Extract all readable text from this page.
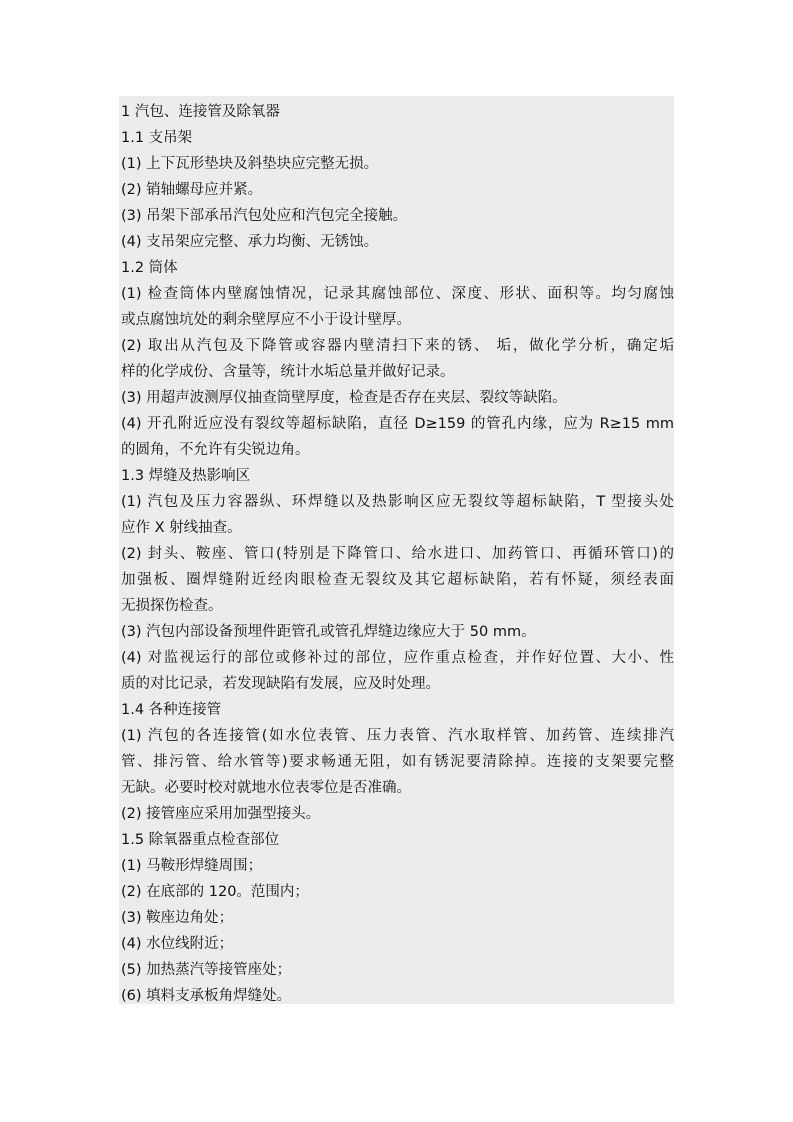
1 汽包、连接管及除氧器
1.1 支吊架
(1) 上下瓦形垫块及斜垫块应完整无损。
(2) 销轴螺母应并紧。
(3) 吊架下部承吊汽包处应和汽包完全接触。
(4) 支吊架应完整、承力均衡、无锈蚀。
1.2 筒体
(1) 检查筒体内壁腐蚀情况，记录其腐蚀部位、深度、形状、面积等。均匀腐蚀
或点腐蚀坑处的剩余壁厚应不小于设计壁厚。
(2) 取出从汽包及下降管或容器内壁清扫下来的锈、 垢，做化学分析，确定垢
样的化学成份、含量等，统计水垢总量并做好记录。
(3) 用超声波测厚仪抽查筒壁厚度，检查是否存在夹层、裂纹等缺陷。
(4) 开孔附近应没有裂纹等超标缺陷，直径 D≥159 的管孔内缘，应为 R≥15 mm
的圆角，不允许有尖锐边角。
1.3 焊缝及热影响区
(1) 汽包及压力容器纵、环焊缝以及热影响区应无裂纹等超标缺陷，T 型接头处
应作 X 射线抽查。
(2) 封头、鞍座、管口(特别是下降管口、给水进口、加药管口、再循环管口)的
加强板、圈焊缝附近经肉眼检查无裂纹及其它超标缺陷，若有怀疑，须经表面
无损探伤检查。
(3) 汽包内部设备预埋件距管孔或管孔焊缝边缘应大于 50 mm。
(4) 对监视运行的部位或修补过的部位，应作重点检查，并作好位置、大小、性
质的对比记录，若发现缺陷有发展，应及时处理。
1.4 各种连接管
(1) 汽包的各连接管(如水位表管、压力表管、汽水取样管、加药管、连续排汽
管、排污管、给水管等)要求畅通无阻，如有锈泥要清除掉。连接的支架要完整
无缺。必要时校对就地水位表零位是否准确。
(2) 接管座应采用加强型接头。
1.5 除氧器重点检查部位
(1) 马鞍形焊缝周围；
(2) 在底部的 120。范围内；
(3) 鞍座边角处；
(4) 水位线附近；
(5) 加热蒸汽等接管座处；
(6) 填料支承板角焊缝处。
